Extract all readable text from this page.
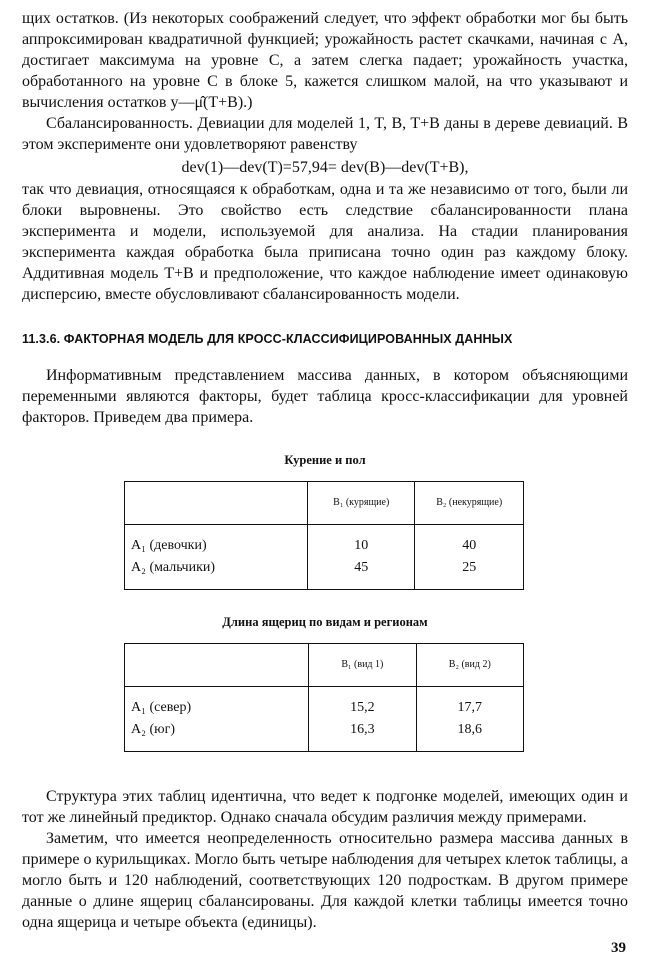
щих остатков. (Из некоторых соображений следует, что эффект обработки мог бы быть аппроксимирован квадратичной функцией; урожайность растет скачками, начиная с A, достигает максимума на уровне C, а затем слегка падает; урожайность участка, обработанного на уровне C в блоке 5, кажется слишком малой, на что указывают и вычисления остатков y—μ̂(T+B).)

Сбалансированность. Девиации для моделей 1, T, B, T+B даны в дереве девиаций. В этом эксперименте они удовлетворяют равенству

dev(1)—dev(T)=57,94= dev(B)—dev(T+B),

так что девиация, относящаяся к обработкам, одна и та же независимо от того, были ли блоки выровнены. Это свойство есть следствие сбалансированности плана эксперимента и модели, используемой для анализа. На стадии планирования эксперимента каждая обработка была приписана точно один раз каждому блоку. Аддитивная модель T+B и предположение, что каждое наблюдение имеет одинаковую дисперсию, вместе обусловливают сбалансированность модели.

11.3.6. ФАКТОРНАЯ МОДЕЛЬ ДЛЯ КРОСС-КЛАССИФИЦИРОВАННЫХ ДАННЫХ

Информативным представлением массива данных, в котором объясняющими переменными являются факторы, будет таблица кросс-классификации для уровней факторов. Приведем два примера.

Курение и пол
	B₁ (курящие)	B₂ (некурящие)
A₁ (девочки)	10	40
A₂ (мальчики)	45	25
Длина ящериц по видам и регионам
	B₁ (вид 1)	B₂ (вид 2)
A₁ (север)	15,2	17,7
A₂ (юг)	16,3	18,6

Структура этих таблиц идентична, что ведет к подгонке моделей, имеющих один и тот же линейный предиктор. Однако сначала обсудим различия между примерами.

Заметим, что имеется неопределенность относительно размера массива данных в примере о курильщиках. Могло быть четыре наблюдения для четырех клеток таблицы, а могло быть и 120 наблюдений, соответствующих 120 подросткам. В другом примере данные о длине ящериц сбалансированы. Для каждой клетки таблицы имеется точно одна ящерица и четыре объекта (единицы).

39
